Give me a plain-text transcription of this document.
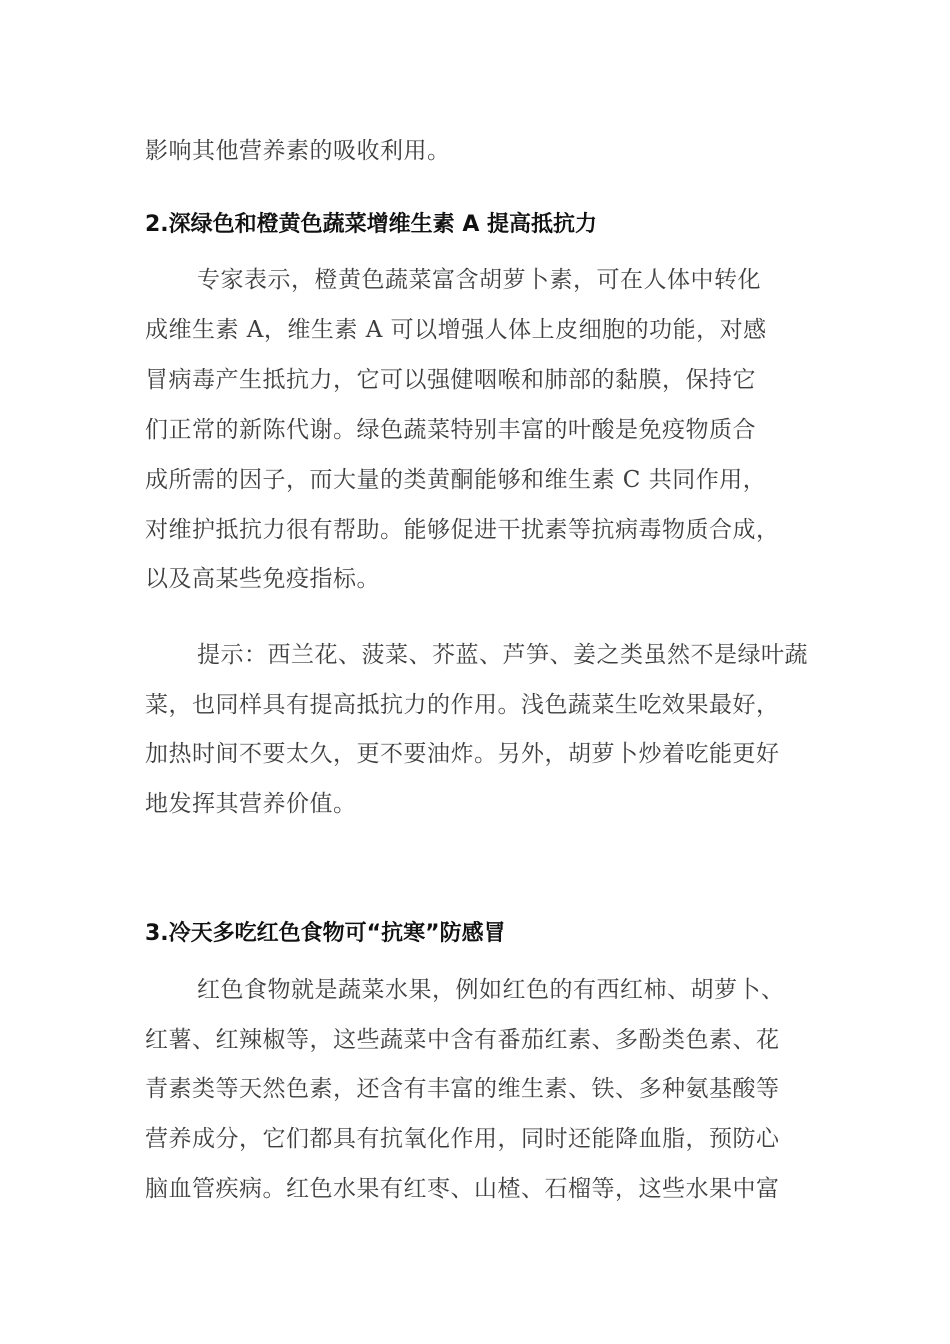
影响其他营养素的吸收利用。
2.深绿色和橙黄色蔬菜增维生素 A 提高抵抗力
专家表示，橙黄色蔬菜富含胡萝卜素，可在人体中转化
成维生素 A，维生素 A 可以增强人体上皮细胞的功能，对感
冒病毒产生抵抗力，它可以强健咽喉和肺部的黏膜，保持它
们正常的新陈代谢。绿色蔬菜特别丰富的叶酸是免疫物质合
成所需的因子，而大量的类黄酮能够和维生素 C 共同作用，
对维护抵抗力很有帮助。能够促进干扰素等抗病毒物质合成，
以及高某些免疫指标。
提示：西兰花、菠菜、芥蓝、芦笋、姜之类虽然不是绿叶蔬
菜，也同样具有提高抵抗力的作用。浅色蔬菜生吃效果最好，
加热时间不要太久，更不要油炸。另外，胡萝卜炒着吃能更好
地发挥其营养价值。
3.冷天多吃红色食物可“抗寒”防感冒
红色食物就是蔬菜水果，例如红色的有西红柿、胡萝卜、
红薯、红辣椒等，这些蔬菜中含有番茄红素、多酚类色素、花
青素类等天然色素，还含有丰富的维生素、铁、多种氨基酸等
营养成分，它们都具有抗氧化作用，同时还能降血脂，预防心
脑血管疾病。红色水果有红枣、山楂、石榴等，这些水果中富
